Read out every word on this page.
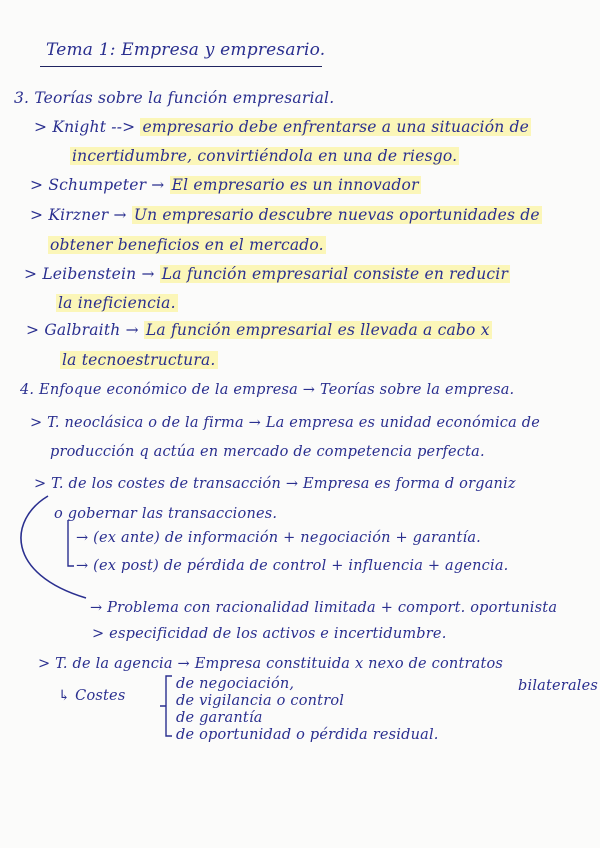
Tema 1: Empresa y empresario.
3. Teorías sobre la función empresarial.
> Knight --> empresario debe enfrentarse a una situación de
incertidumbre, convirtiéndola en una de riesgo.
> Schumpeter → El empresario es un innovador
> Kirzner → Un empresario descubre nuevas oportunidades de
obtener beneficios en el mercado.
> Leibenstein → La función empresarial consiste en reducir
la ineficiencia.
> Galbraith → La función empresarial es llevada a cabo x
la tecnoestructura.
4. Enfoque económico de la empresa → Teorías sobre la empresa.
> T. neoclásica o de la firma → La empresa es unidad económica de
producción q actúa en mercado de competencia perfecta.
> T. de los costes de transacción → Empresa es forma d organiz
o gobernar las transacciones.
→ (ex ante) de información + negociación + garantía.
→ (ex post) de pérdida de control + influencia + agencia.
→ Problema con racionalidad limitada + comport. oportunista
> especificidad de los activos e incertidumbre.
> T. de la agencia → Empresa constituida x nexo de contratos
bilaterales
↳ Costes
de negociación,
de vigilancia o control
de garantía
de oportunidad o pérdida residual.
